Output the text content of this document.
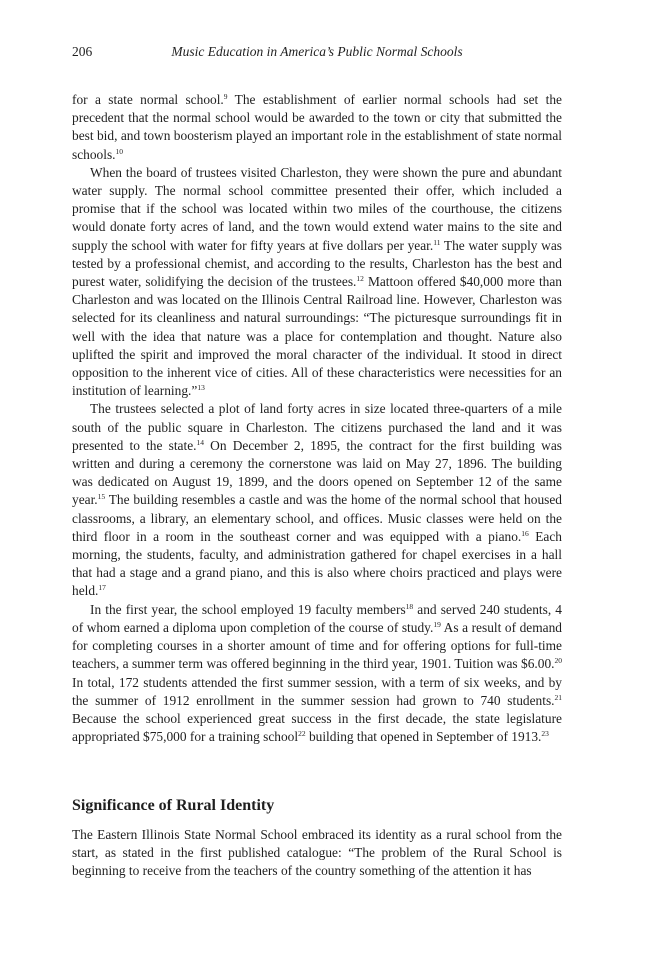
206	Music Education in America’s Public Normal Schools

for a state normal school.$^9$ The establishment of earlier normal schools had set the precedent that the normal school would be awarded to the town or city that submitted the best bid, and town boosterism played an important role in the establishment of state normal schools.$^{10}$

When the board of trustees visited Charleston, they were shown the pure and abundant water supply. The normal school committee presented their offer, which included a promise that if the school was located within two miles of the courthouse, the citizens would donate forty acres of land, and the town would extend water mains to the site and supply the school with water for fifty years at five dollars per year.$^{11}$ The water supply was tested by a professional chemist, and according to the results, Charleston has the best and purest water, solidifying the decision of the trustees.$^{12}$ Mattoon offered $40,000 more than Charleston and was located on the Illinois Central Railroad line. However, Charleston was selected for its cleanliness and natural surroundings: “The picturesque surroundings fit in well with the idea that nature was a place for contemplation and thought. Nature also uplifted the spirit and improved the moral character of the individual. It stood in direct opposition to the inherent vice of cities. All of these characteristics were necessities for an institution of learning.”$^{13}$

The trustees selected a plot of land forty acres in size located three-quarters of a mile south of the public square in Charleston. The citizens purchased the land and it was presented to the state.$^{14}$ On December 2, 1895, the contract for the first building was written and during a ceremony the cornerstone was laid on May 27, 1896. The building was dedicated on August 19, 1899, and the doors opened on September 12 of the same year.$^{15}$ The building resembles a castle and was the home of the normal school that housed classrooms, a library, an elementary school, and offices. Music classes were held on the third floor in a room in the southeast corner and was equipped with a piano.$^{16}$ Each morning, the students, faculty, and administration gathered for chapel exercises in a hall that had a stage and a grand piano, and this is also where choirs practiced and plays were held.$^{17}$

In the first year, the school employed 19 faculty members$^{18}$ and served 240 students, 4 of whom earned a diploma upon completion of the course of study.$^{19}$ As a result of demand for completing courses in a shorter amount of time and for offering options for full-time teachers, a summer term was offered beginning in the third year, 1901. Tuition was $6.00.20 In total, 172 students attended the first summer session, with a term of six weeks, and by the summer of 1912 enrollment in the summer session had grown to 740 students.$^{21}$ Because the school experienced great success in the first decade, the state legislature appropriated $75,000 for a training school$^{22}$ building that opened in September of 1913.23

Significance of Rural Identity

The Eastern Illinois State Normal School embraced its identity as a rural school from the start, as stated in the first published catalogue: “The problem of the Rural School is beginning to receive from the teachers of the country something of the attention it has
